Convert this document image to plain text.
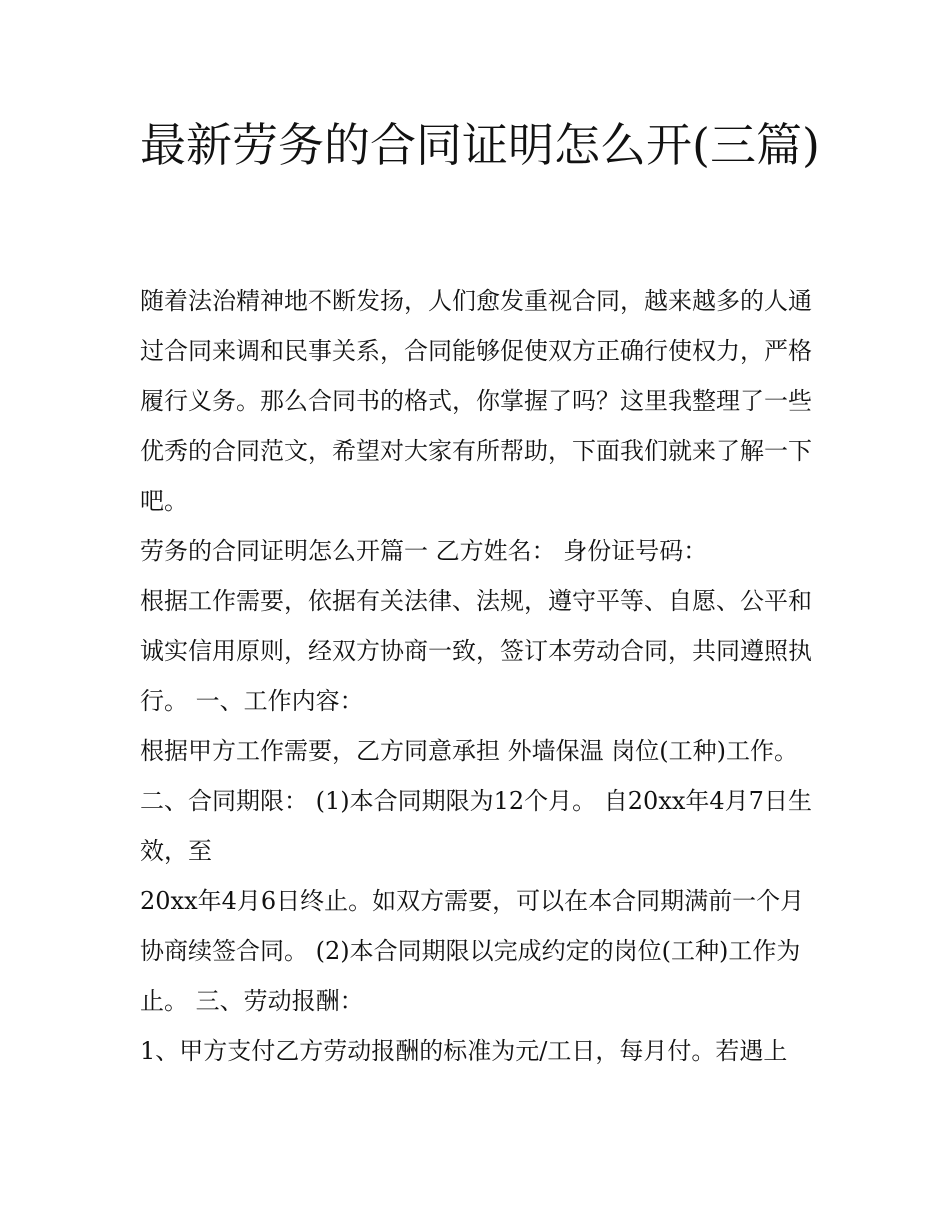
最新劳务的合同证明怎么开(三篇)

随着法治精神地不断发扬，人们愈发重视合同，越来越多的人通过合同来调和民事关系，合同能够促使双方正确行使权力，严格履行义务。那么合同书的格式，你掌握了吗？这里我整理了一些优秀的合同范文，希望对大家有所帮助，下面我们就来了解一下吧。

劳务的合同证明怎么开篇一 乙方姓名： 身份证号码：

根据工作需要，依据有关法律、法规，遵守平等、自愿、公平和诚实信用原则，经双方协商一致，签订本劳动合同，共同遵照执行。 一、工作内容：

根据甲方工作需要，乙方同意承担 外墙保温 岗位(工种)工作。 二、合同期限： (1)本合同期限为12个月。 自20xx年4月7日生效，至

20xx年4月6日终止。如双方需要，可以在本合同期满前一个月协商续签合同。 (2)本合同期限以完成约定的岗位(工种)工作为止。 三、劳动报酬：

1、甲方支付乙方劳动报酬的标准为元/工日，每月付。若遇上
